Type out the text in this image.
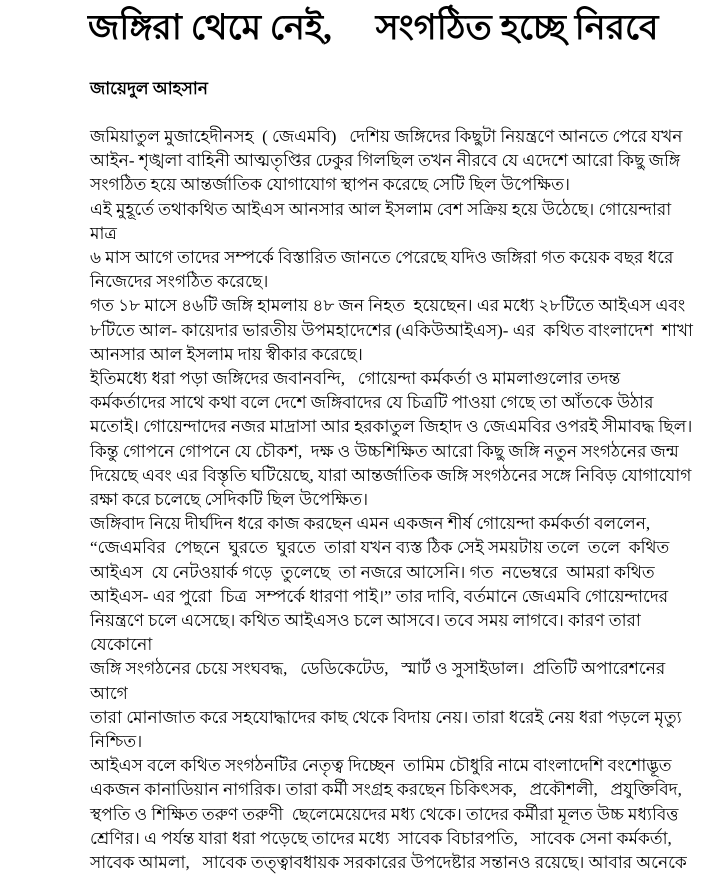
জঙ্গিরা থেমে নেই,     সংগঠিত হচ্ছে নিরবে
জায়েদুল আহসান
জমিয়াতুল মুজাহেদীনসহ  ( জেএমবি)   দেশিয় জঙ্গিদের কিছুটা নিয়ন্ত্রণে আনতে পেরে যখন
আইন- শৃঙ্খলা বাহিনী আত্মতৃপ্তির ঢেকুর গিলছিল তখন নীরবে যে এদেশে আরো কিছু জঙ্গি
সংগঠিত হয়ে আন্তর্জাতিক যোগাযোগ স্থাপন করেছে সেটি ছিল উপেক্ষিত।
এই মুহূর্তে তথাকথিত আইএস আনসার আল ইসলাম বেশ সক্রিয় হয়ে উঠেছে। গোয়েন্দারা মাত্র
৬ মাস আগে তাদের সম্পর্কে বিস্তারিত জানতে পেরেছে যদিও জঙ্গিরা গত কয়েক বছর ধরে
নিজেদের সংগঠিত করেছে।
গত ১৮ মাসে ৪৬টি জঙ্গি হামলায় ৪৮ জন নিহত  হয়েছেন। এর মধ্যে ২৮টিতে আইএস এবং
৮টিতে আল- কায়েদার ভারতীয় উপমহাদেশের (একিউআইএস)- এর  কথিত বাংলাদেশ  শাখা
আনসার আল ইসলাম দায় স্বীকার করেছে।
ইতিমধ্যে ধরা পড়া জঙ্গিদের জবানবন্দি,   গোয়েন্দা কর্মকর্তা ও মামলাগুলোর তদন্ত
কর্মকর্তাদের সাথে কথা বলে দেশে জঙ্গিবাদের যে চিত্রটি পাওয়া গেছে তা আঁতকে উঠার
মতোই। গোয়েন্দাদের নজর মাদ্রাসা আর হরকাতুল জিহাদ ও জেএমবির ওপরই সীমাবদ্ধ ছিল।
কিন্তু গোপনে গোপনে যে চৌকশ,  দক্ষ ও উচ্চশিক্ষিত আরো কিছু জঙ্গি নতুন সংগঠনের জন্ম
দিয়েছে এবং এর বিস্তৃতি ঘটিয়েছে, যারা আন্তর্জাতিক জঙ্গি সংগঠনের সঙ্গে নিবিড় যোগাযোগ
রক্ষা করে চলেছে সেদিকটি ছিল উপেক্ষিত।
জঙ্গিবাদ নিয়ে দীর্ঘদিন ধরে কাজ করছেন এমন একজন শীর্ষ গোয়েন্দা কর্মকর্তা বললেন,
“জেএমবির  পেছনে  ঘুরতে  ঘুরতে  তারা যখন ব্যস্ত ঠিক সেই সময়টায় তলে  তলে  কথিত
আইএস  যে নেটওয়ার্ক গড়ে  তুলেছে  তা নজরে আসেনি। গত  নভেম্বরে  আমরা কথিত
আইএস- এর পুরো  চিত্র  সম্পর্কে ধারণা পাই।” তার দাবি, বর্তমানে জেএমবি গোয়েন্দাদের
নিয়ন্ত্রণে চলে এসেছে। কথিত আইএসও চলে আসবে। তবে সময় লাগবে। কারণ তারা যেকোনো
জঙ্গি সংগঠনের চেয়ে সংঘবদ্ধ,   ডেডিকেটেড,   স্মার্ট ও সুসাইডাল।  প্রতিটি অপারেশনের আগে
তারা মোনাজাত করে সহযোদ্ধাদের কাছ থেকে বিদায় নেয়। তারা ধরেই নেয় ধরা পড়লে মৃত্যু
নিশ্চিত।
আইএস বলে কথিত সংগঠনটির নেতৃত্ব দিচ্ছেন  তামিম চৌধুরি নামে বাংলাদেশি বংশোদ্ভূত
একজন কানাডিয়ান নাগরিক। তারা কর্মী সংগ্রহ করছেন চিকিৎসক,   প্রকৌশলী,   প্রযুক্তিবিদ,
স্থপতি ও শিক্ষিত তরুণ তরুণী  ছেলেমেয়েদের মধ্য থেকে। তাদের কর্মীরা মূলত উচ্চ মধ্যবিত্ত
শ্রেণির। এ পর্যন্ত যারা ধরা পড়েছে তাদের মধ্যে  সাবেক বিচারপতি,   সাবেক সেনা কর্মকর্তা,
সাবেক আমলা,   সাবেক তত্ত্বাবধায়ক সরকারের উপদেষ্টার সন্তানও রয়েছে। আবার অনেকে
